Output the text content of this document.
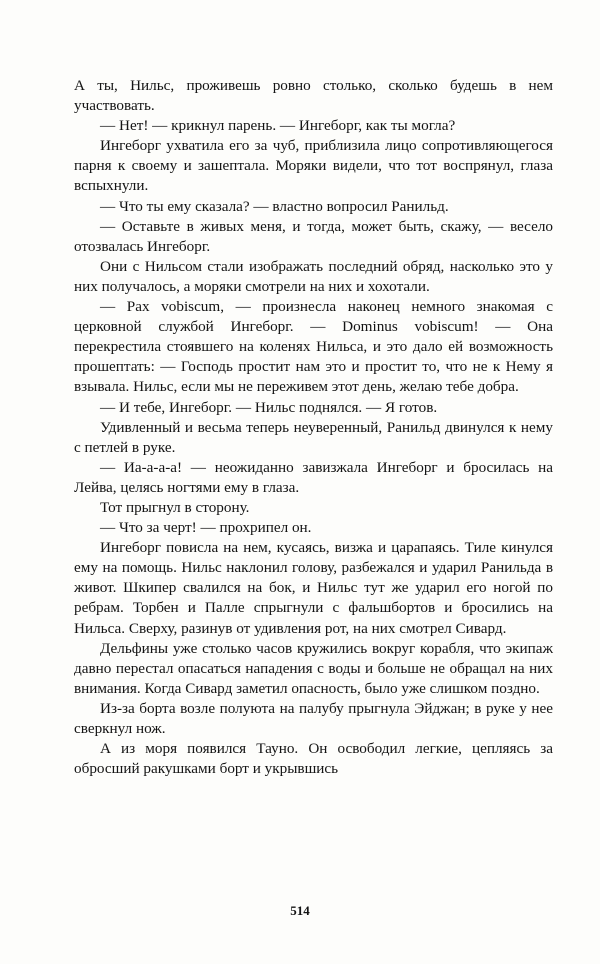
А ты, Нильс, проживешь ровно столько, сколько будешь в нем участвовать.

— Нет! — крикнул парень. — Ингеборг, как ты могла?

Ингеборг ухватила его за чуб, приблизила лицо сопротивляющегося парня к своему и зашептала. Моряки видели, что тот воспрянул, глаза вспыхнули.

— Что ты ему сказала? — властно вопросил Ранильд.

— Оставьте в живых меня, и тогда, может быть, скажу, — весело отозвалась Ингеборг.

Они с Нильсом стали изображать последний обряд, насколько это у них получалось, а моряки смотрели на них и хохотали.

— Pax vobiscum, — произнесла наконец немного знакомая с церковной службой Ингеборг. — Dominus vobiscum! — Она перекрестила стоявшего на коленях Нильса, и это дало ей возможность прошептать: — Господь простит нам это и простит то, что не к Нему я взывала. Нильс, если мы не переживем этот день, желаю тебе добра.

— И тебе, Ингеборг. — Нильс поднялся. — Я готов.

Удивленный и весьма теперь неуверенный, Ранильд двинулся к нему с петлей в руке.

— Иа-а-а-а! — неожиданно завизжала Ингеборг и бросилась на Лейва, целясь ногтями ему в глаза.

Тот прыгнул в сторону.

— Что за черт! — прохрипел он.

Ингеборг повисла на нем, кусаясь, визжа и царапаясь. Тиле кинулся ему на помощь. Нильс наклонил голову, разбежался и ударил Ранильда в живот. Шкипер свалился на бок, и Нильс тут же ударил его ногой по ребрам. Торбен и Палле спрыгнули с фальшбортов и бросились на Нильса. Сверху, разинув от удивления рот, на них смотрел Сивард.

Дельфины уже столько часов кружились вокруг корабля, что экипаж давно перестал опасаться нападения с воды и больше не обращал на них внимания. Когда Сивард заметил опасность, было уже слишком поздно.

Из-за борта возле полуюта на палубу прыгнула Эйджан; в руке у нее сверкнул нож.

А из моря появился Тауно. Он освободил легкие, цепляясь за обросший ракушками борт и укрывшись

514
